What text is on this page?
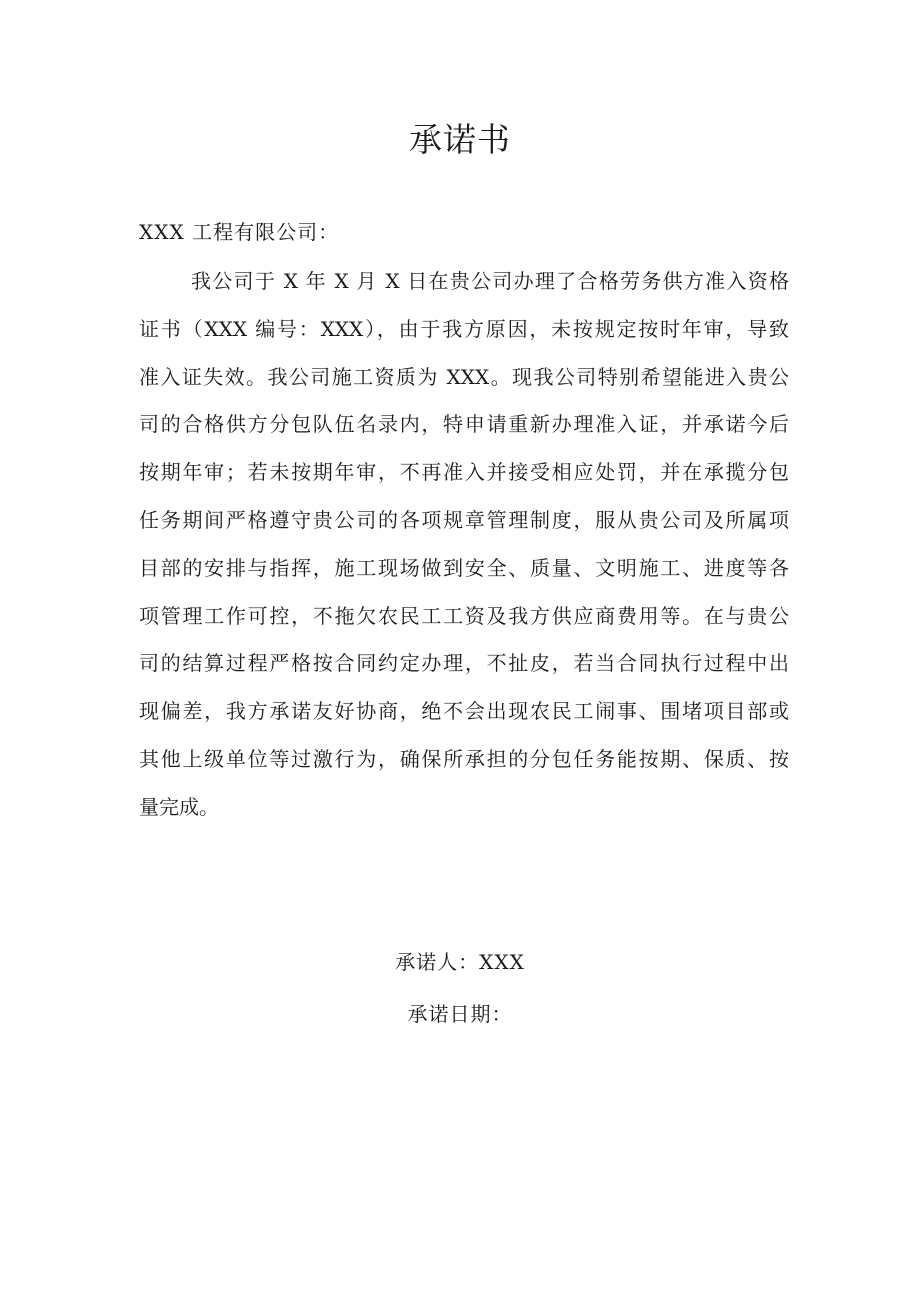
承诺书
XXX 工程有限公司：
我公司于 X 年 X 月 X 日在贵公司办理了合格劳务供方准入资格
证书（XXX 编号：XXX），由于我方原因，未按规定按时年审，导致
准入证失效。我公司施工资质为 XXX。现我公司特别希望能进入贵公
司的合格供方分包队伍名录内，特申请重新办理准入证，并承诺今后
按期年审；若未按期年审，不再准入并接受相应处罚，并在承揽分包
任务期间严格遵守贵公司的各项规章管理制度，服从贵公司及所属项
目部的安排与指挥，施工现场做到安全、质量、文明施工、进度等各
项管理工作可控，不拖欠农民工工资及我方供应商费用等。在与贵公
司的结算过程严格按合同约定办理，不扯皮，若当合同执行过程中出
现偏差，我方承诺友好协商，绝不会出现农民工闹事、围堵项目部或
其他上级单位等过激行为，确保所承担的分包任务能按期、保质、按
量完成。
承诺人：XXX
承诺日期：
